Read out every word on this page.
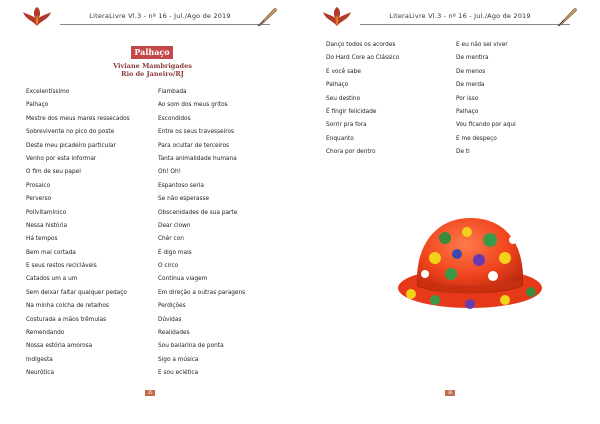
LiteraLivre Vl.3 - nº 16 - Jul./Ago de 2019
Palhaço
Viviane Mambrigades
Rio de Janeiro/RJ
Excelentíssimo
Palhaço
Mestre dos meus mares ressecados
Sobrevivente no pico do poste
Deste meu picadeiro particular
Venho por esta informar
O fim de seu papel
Prosaico
Perverso
Polivitamínico
Nessa história
Há tempos
Bem mal cortada
E seus restos recicláveis
Catados um a um
Sem deixar faltar qualquer pedaço
Na minha colcha de retalhos
Costurada a mãos trêmulas
Remendando
Nossa estória amorosa
Indigesta
Neurótica
Flambada
Ao som dos meus gritos
Escondidos
Entre os seus travesseiros
Para ocultar de terceiros
Tanta animalidade humana
Oh! Oh!
Espantoso seria
Se não esperasse
Obscenidades de sua parte
Dear clown
Chèr con
É digo mais
O circo
Continua viagem
Em direção a outras paragens
Perdições
Dúvidas
Realidades
Sou bailarina de ponta
Sigo a música
E sou eclética
35
LiteraLivre Vl.3 - nº 16 - Jul./Ago de 2019
Danço todos os acordes
Do Hard Core ao Clássico
E você sabe
Palhaço
Seu destino
É fingir felicidade
Sorrir pra fora
Enquanto
Chora por dentro
E eu não sei viver
De mentira
De menos
De merda
Por isso
Palhaço
Vou ficando por aqui
E me despeço
De ti
36
